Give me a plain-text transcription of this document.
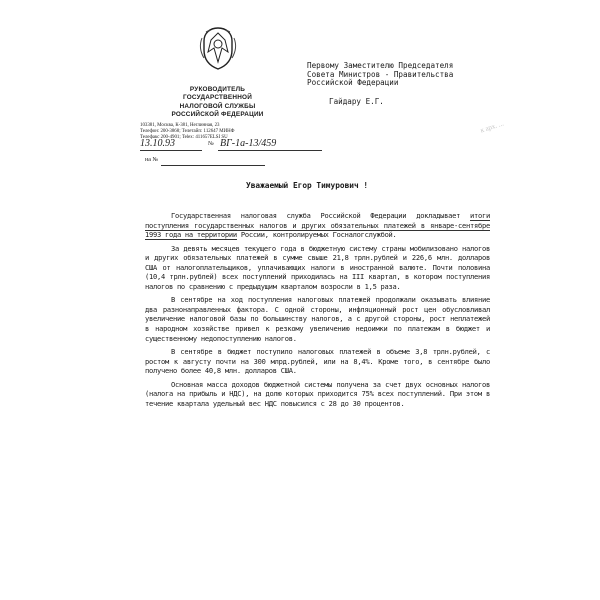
РУКОВОДИТЕЛЬ
ГОСУДАРСТВЕННОЙ
НАЛОГОВОЙ СЛУЖБЫ
РОССИЙСКОЙ ФЕДЕРАЦИИ
103381, Москва, К-381, Неглинная, 23
Телефон: 200-3868; Телетайп: 112647 МИНФ
Телефакс 200-4901; Telex: 411657ELSI SU
Первому Заместителю Председателя
Совета Министров - Правительства
Российской Федерации
Гайдару Е.Г.
к арх. ...
13.10.93	№ ВГ-1а-13/459
на №
Уважаемый Егор Тимурович !

Государственная налоговая служба Российской Федерации докладывает итоги поступления государственных налогов и других обязательных платежей в январе-сентябре 1993 года на территории России, контролируемых Госналогслужбой.

За девять месяцев текущего года в бюджетную систему страны мобилизовано налогов и других обязательных платежей в сумме свыше 21,8 трлн.рублей и 226,6 млн. долларов США от налогоплательщиков, уплачивающих налоги в иностранной валюте. Почти половина (10,4 трлн.рублей) всех поступлений приходилась на III квартал, в котором поступления налогов по сравнению с предыдущим кварталом возросли в 1,5 раза.

В сентябре на ход поступления налоговых платежей продолжали оказывать влияние два разнонаправленных фактора. С одной стороны, инфляционный рост цен обусловливал увеличение налоговой базы по большинству налогов, а с другой стороны, рост неплатежей в народном хозяйстве привел к резкому увеличению недоимки по платежам в бюджет и существенному недопоступлению налогов.

В сентябре в бюджет поступило налоговых платежей в объеме 3,8 трлн.рублей, с ростом к августу почти на 300 млрд.рублей, или на 8,4%. Кроме того, в сентябре было получено более 40,8 млн. долларов США.

Основная масса доходов бюджетной системы получена за счет двух основных налогов (налога на прибыль и НДС), на долю которых приходится 75% всех поступлений. При этом в течение квартала удельный вес НДС повысился с 28 до 30 процентов.
